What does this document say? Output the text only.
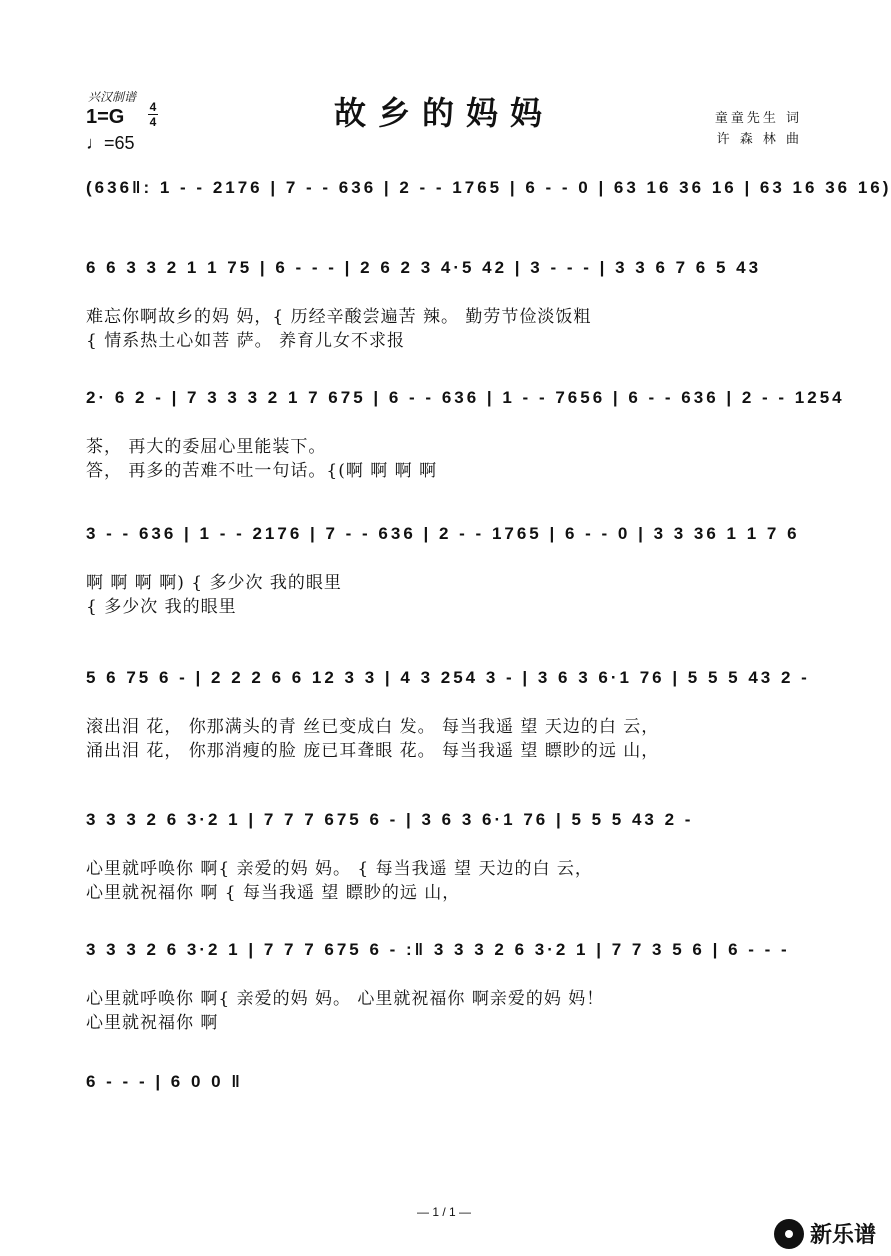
兴汉制谱
1=G 4
4
♩=65
故乡的妈妈	童童先生 词
许 森 林 曲
(636‖: 1 - - 2176 | 7 - - 636 | 2 - - 1765 | 6 - - 0 | 63 16 36 16 | 63 16 36 16)
6 6 3 3 2 1 1 75 | 6 - - - | 2 6 2 3 4·5 42 | 3 - - - | 3 3 6 7 6 5 43
难忘你啊故乡的妈 妈，{ 历经辛酸尝遍苦 辣。 勤劳节俭淡饭粗
{ 情系热土心如菩 萨。 养育儿女不求报
2· 6 2 - | 7 3 3 3 2 1 7 675 | 6 - - 636 | 1 - - 7656 | 6 - - 636 | 2 - - 1254
茶， 再大的委屈心里能装下。
答， 再多的苦难不吐一句话。{(啊 啊 啊 啊
3 - - 636 | 1 - - 2176 | 7 - - 636 | 2 - - 1765 | 6 - - 0 | 3 3 36 1 1 7 6
啊 啊 啊 啊) { 多少次 我的眼里
{ 多少次 我的眼里
5 6 75 6 - | 2 2 2 6 6 12 3 3 | 4 3 254 3 - | 3 6 3 6·1 76 | 5 5 5 43 2 -
滚出泪 花， 你那满头的青 丝已变成白 发。 每当我遥 望 天边的白 云，
涌出泪 花， 你那消瘦的脸 庞已耳聋眼 花。 每当我遥 望 瞟眇的远 山，
3 3 3 2 6 3·2 1 | 7 7 7 675 6 - | 3 6 3 6·1 76 | 5 5 5 43 2 -
心里就呼唤你 啊{ 亲爱的妈 妈。 { 每当我遥 望 天边的白 云，
心里就祝福你 啊 { 每当我遥 望 瞟眇的远 山，
3 3 3 2 6 3·2 1 | 7 7 7 675 6 - :‖ 3 3 3 2 6 3·2 1 | 7 7 3 5 6 | 6 - - -
心里就呼唤你 啊{ 亲爱的妈 妈。 心里就祝福你 啊亲爱的妈 妈！
心里就祝福你 啊
6 - - - | 6 0 0 ‖
— 1 / 1 —
新乐谱
